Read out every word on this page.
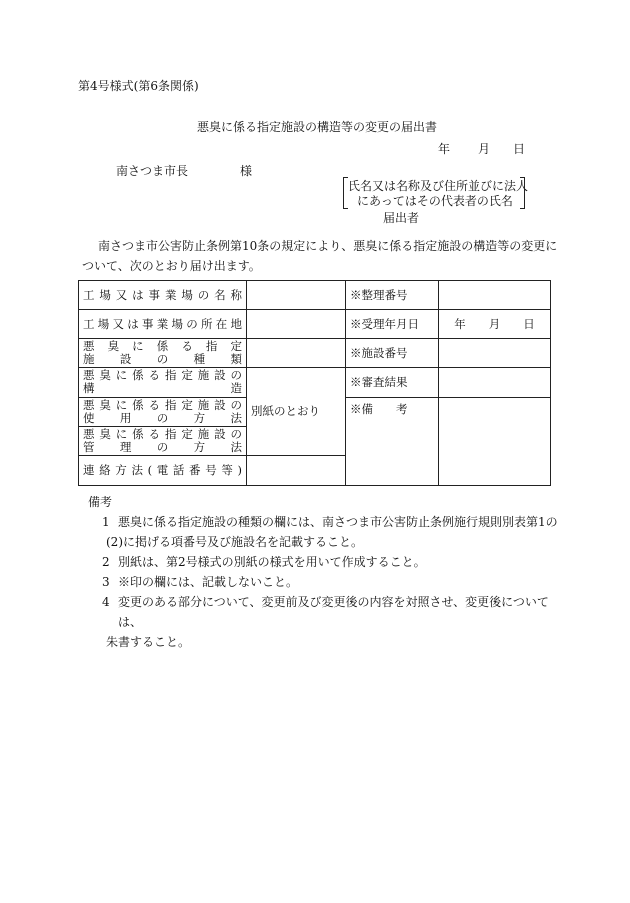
第4号様式(第6条関係)
悪臭に係る指定施設の構造等の変更の届出書
年 月 日
南さつま市長	様
氏名又は名称及び住所並びに法人
にあってはその代表者の氏名
届出者

南さつま市公害防止条例第10条の規定により、悪臭に係る指定施設の構造等の変更に

ついて、次のとおり届け出ます。

工場又は事業場の名称		※整理番号	
工場又は事業場の所在地		※受理年月日	年　　月　　日

悪臭に係る指定
施設の種類		※施設番号	

悪臭に係る指定施設の
構造	別紙のとおり	※審査結果	

悪臭に係る指定施設の
使用の方法		※備　　考	

悪臭に係る指定施設の
管理の方法			

連絡方法(電話番号等)			
備考
1 悪臭に係る指定施設の種類の欄には、南さつま市公害防止条例施行規則別表第1の
(2)に掲げる項番号及び施設名を記載すること。
2 別紙は、第2号様式の別紙の様式を用いて作成すること。
3 ※印の欄には、記載しないこと。
4 変更のある部分について、変更前及び変更後の内容を対照させ、変更後については、
朱書すること。
